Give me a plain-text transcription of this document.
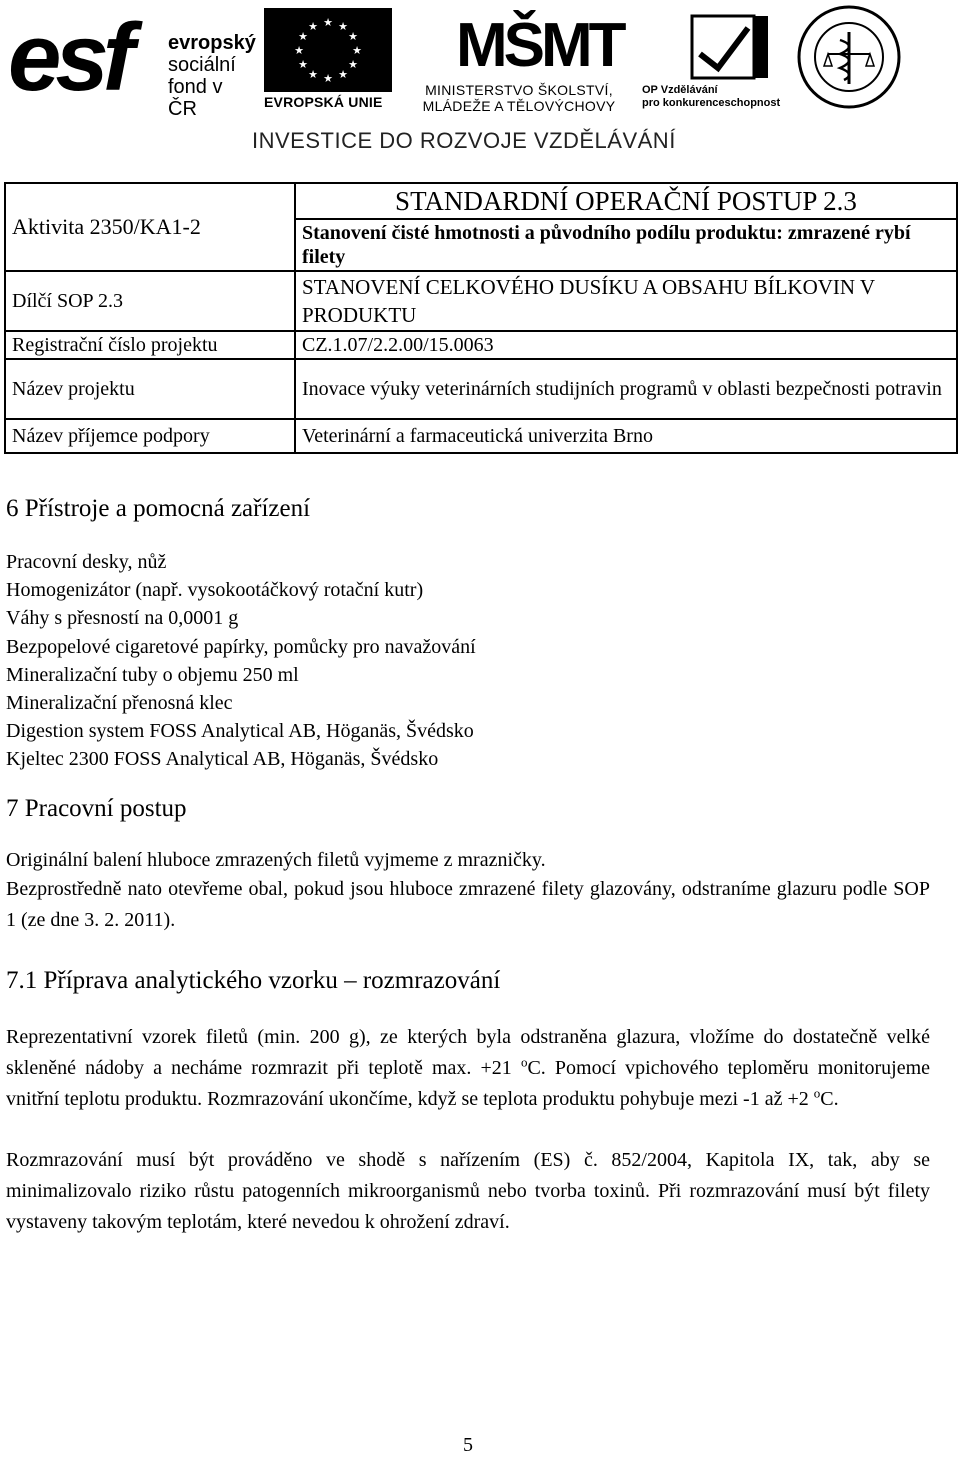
esf evropský
sociální
fond v ČR
★ ★
★
★
★
★
★
★
★
★
★
★
EVROPSKÁ UNIE
MŠMT
MINISTERSTVO ŠKOLSTVÍ,
MLÁDEŽE A TĚLOVÝCHOVY
OP Vzdělávání
pro konkurenceschopnost
INVESTICE DO ROZVOJE VZDĚLÁVÁNÍ
Aktivita 2350/KA1-2	STANDARDNÍ OPERAČNÍ POSTUP 2.3
	Stanovení čisté hmotnosti a původního podílu produktu: zmrazené rybí filety
Dílčí SOP 2.3	STANOVENÍ CELKOVÉHO DUSÍKU A OBSAHU BÍLKOVIN V PRODUKTU
Registrační číslo projektu	CZ.1.07/2.2.00/15.0063
Název projektu	Inovace výuky veterinárních studijních programů v oblasti bezpečnosti potravin
Název příjemce podpory	Veterinární a farmaceutická univerzita Brno
6 Přístroje a pomocná zařízení

Pracovní desky, nůž

Homogenizátor (např. vysokootáčkový rotační kutr)

Váhy s přesností na 0,0001 g

Bezpopelové cigaretové papírky, pomůcky pro navažování

Mineralizační tuby o objemu 250 ml

Mineralizační přenosná klec

Digestion system FOSS Analytical AB, Höganäs, Švédsko

Kjeltec 2300 FOSS Analytical AB, Höganäs, Švédsko

7 Pracovní postup

Originální balení hluboce zmrazených filetů vyjmeme z mrazničky.

Bezprostředně nato otevřeme obal, pokud jsou hluboce zmrazené filety glazovány, odstraníme glazuru podle SOP 1 (ze dne 3. 2. 2011).

7.1 Příprava analytického vzorku – rozmrazování

Reprezentativní vzorek filetů (min. 200 g), ze kterých byla odstraněna glazura, vložíme do dostatečně velké skleněné nádoby a necháme rozmrazit při teplotě max. +21 $^o$C. Pomocí vpichového teploměru monitorujeme vnitřní teplotu produktu. Rozmrazování ukončíme, když se teplota produktu pohybuje mezi -1 až +2 $^o$C.

Rozmrazování musí být prováděno ve shodě s nařízením (ES) č. 852/2004, Kapitola IX, tak, aby se minimalizovalo riziko růstu patogenních mikroorganismů nebo tvorba toxinů. Při rozmrazování musí být filety vystaveny takovým teplotám, které nevedou k ohrožení zdraví.

5
